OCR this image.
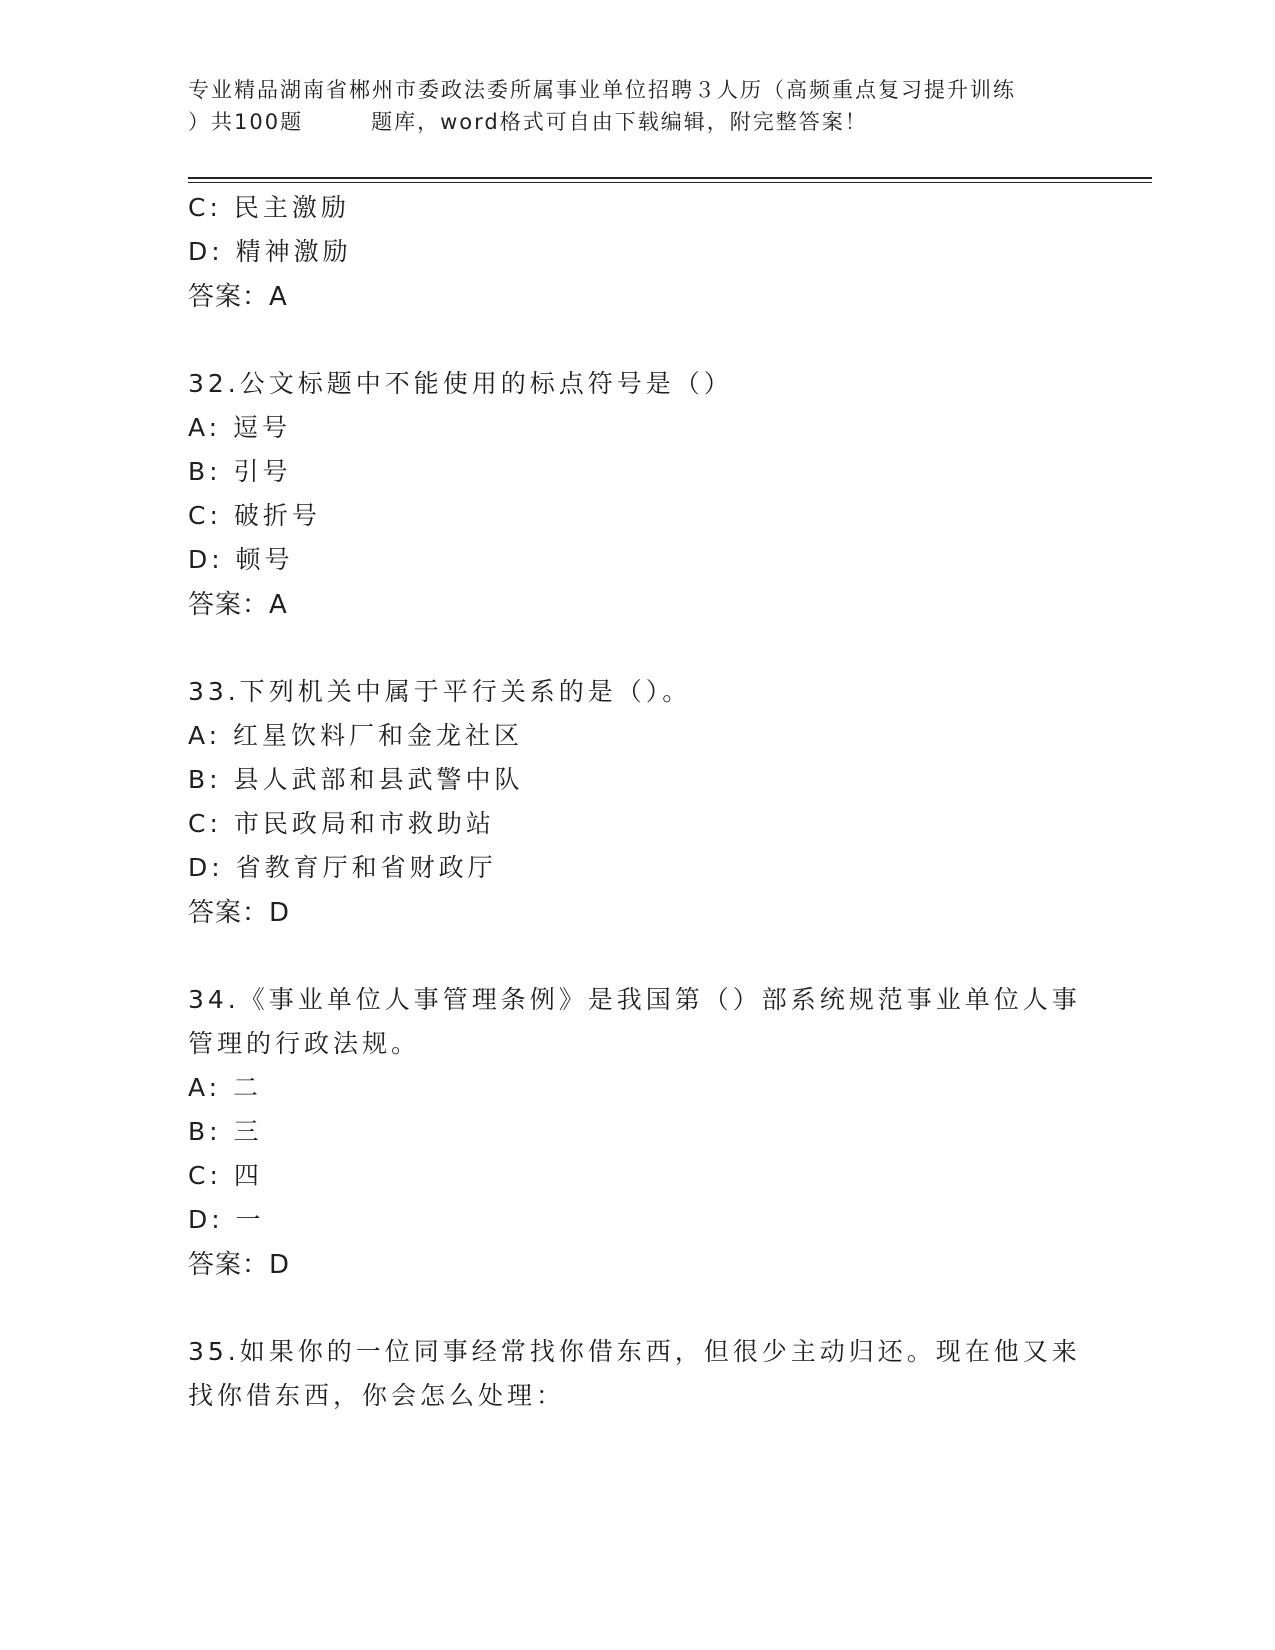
专业精品湖南省郴州市委政法委所属事业单位招聘３人历（高频重点复习提升训练
）共100题	题库，word格式可自由下载编辑，附完整答案！
C: 民主激励
D: 精神激励
答案：A
32.公文标题中不能使用的标点符号是（）
A: 逗号
B: 引号
C: 破折号
D: 顿号
答案：A
33.下列机关中属于平行关系的是（）。
A: 红星饮料厂和金龙社区
B: 县人武部和县武警中队
C: 市民政局和市救助站
D: 省教育厅和省财政厅
答案：D
34.《事业单位人事管理条例》是我国第（）部系统规范事业单位人事
管理的行政法规。
A: 二
B: 三
C: 四
D: 一
答案：D
35.如果你的一位同事经常找你借东西，但很少主动归还。现在他又来
找你借东西，你会怎么处理：
